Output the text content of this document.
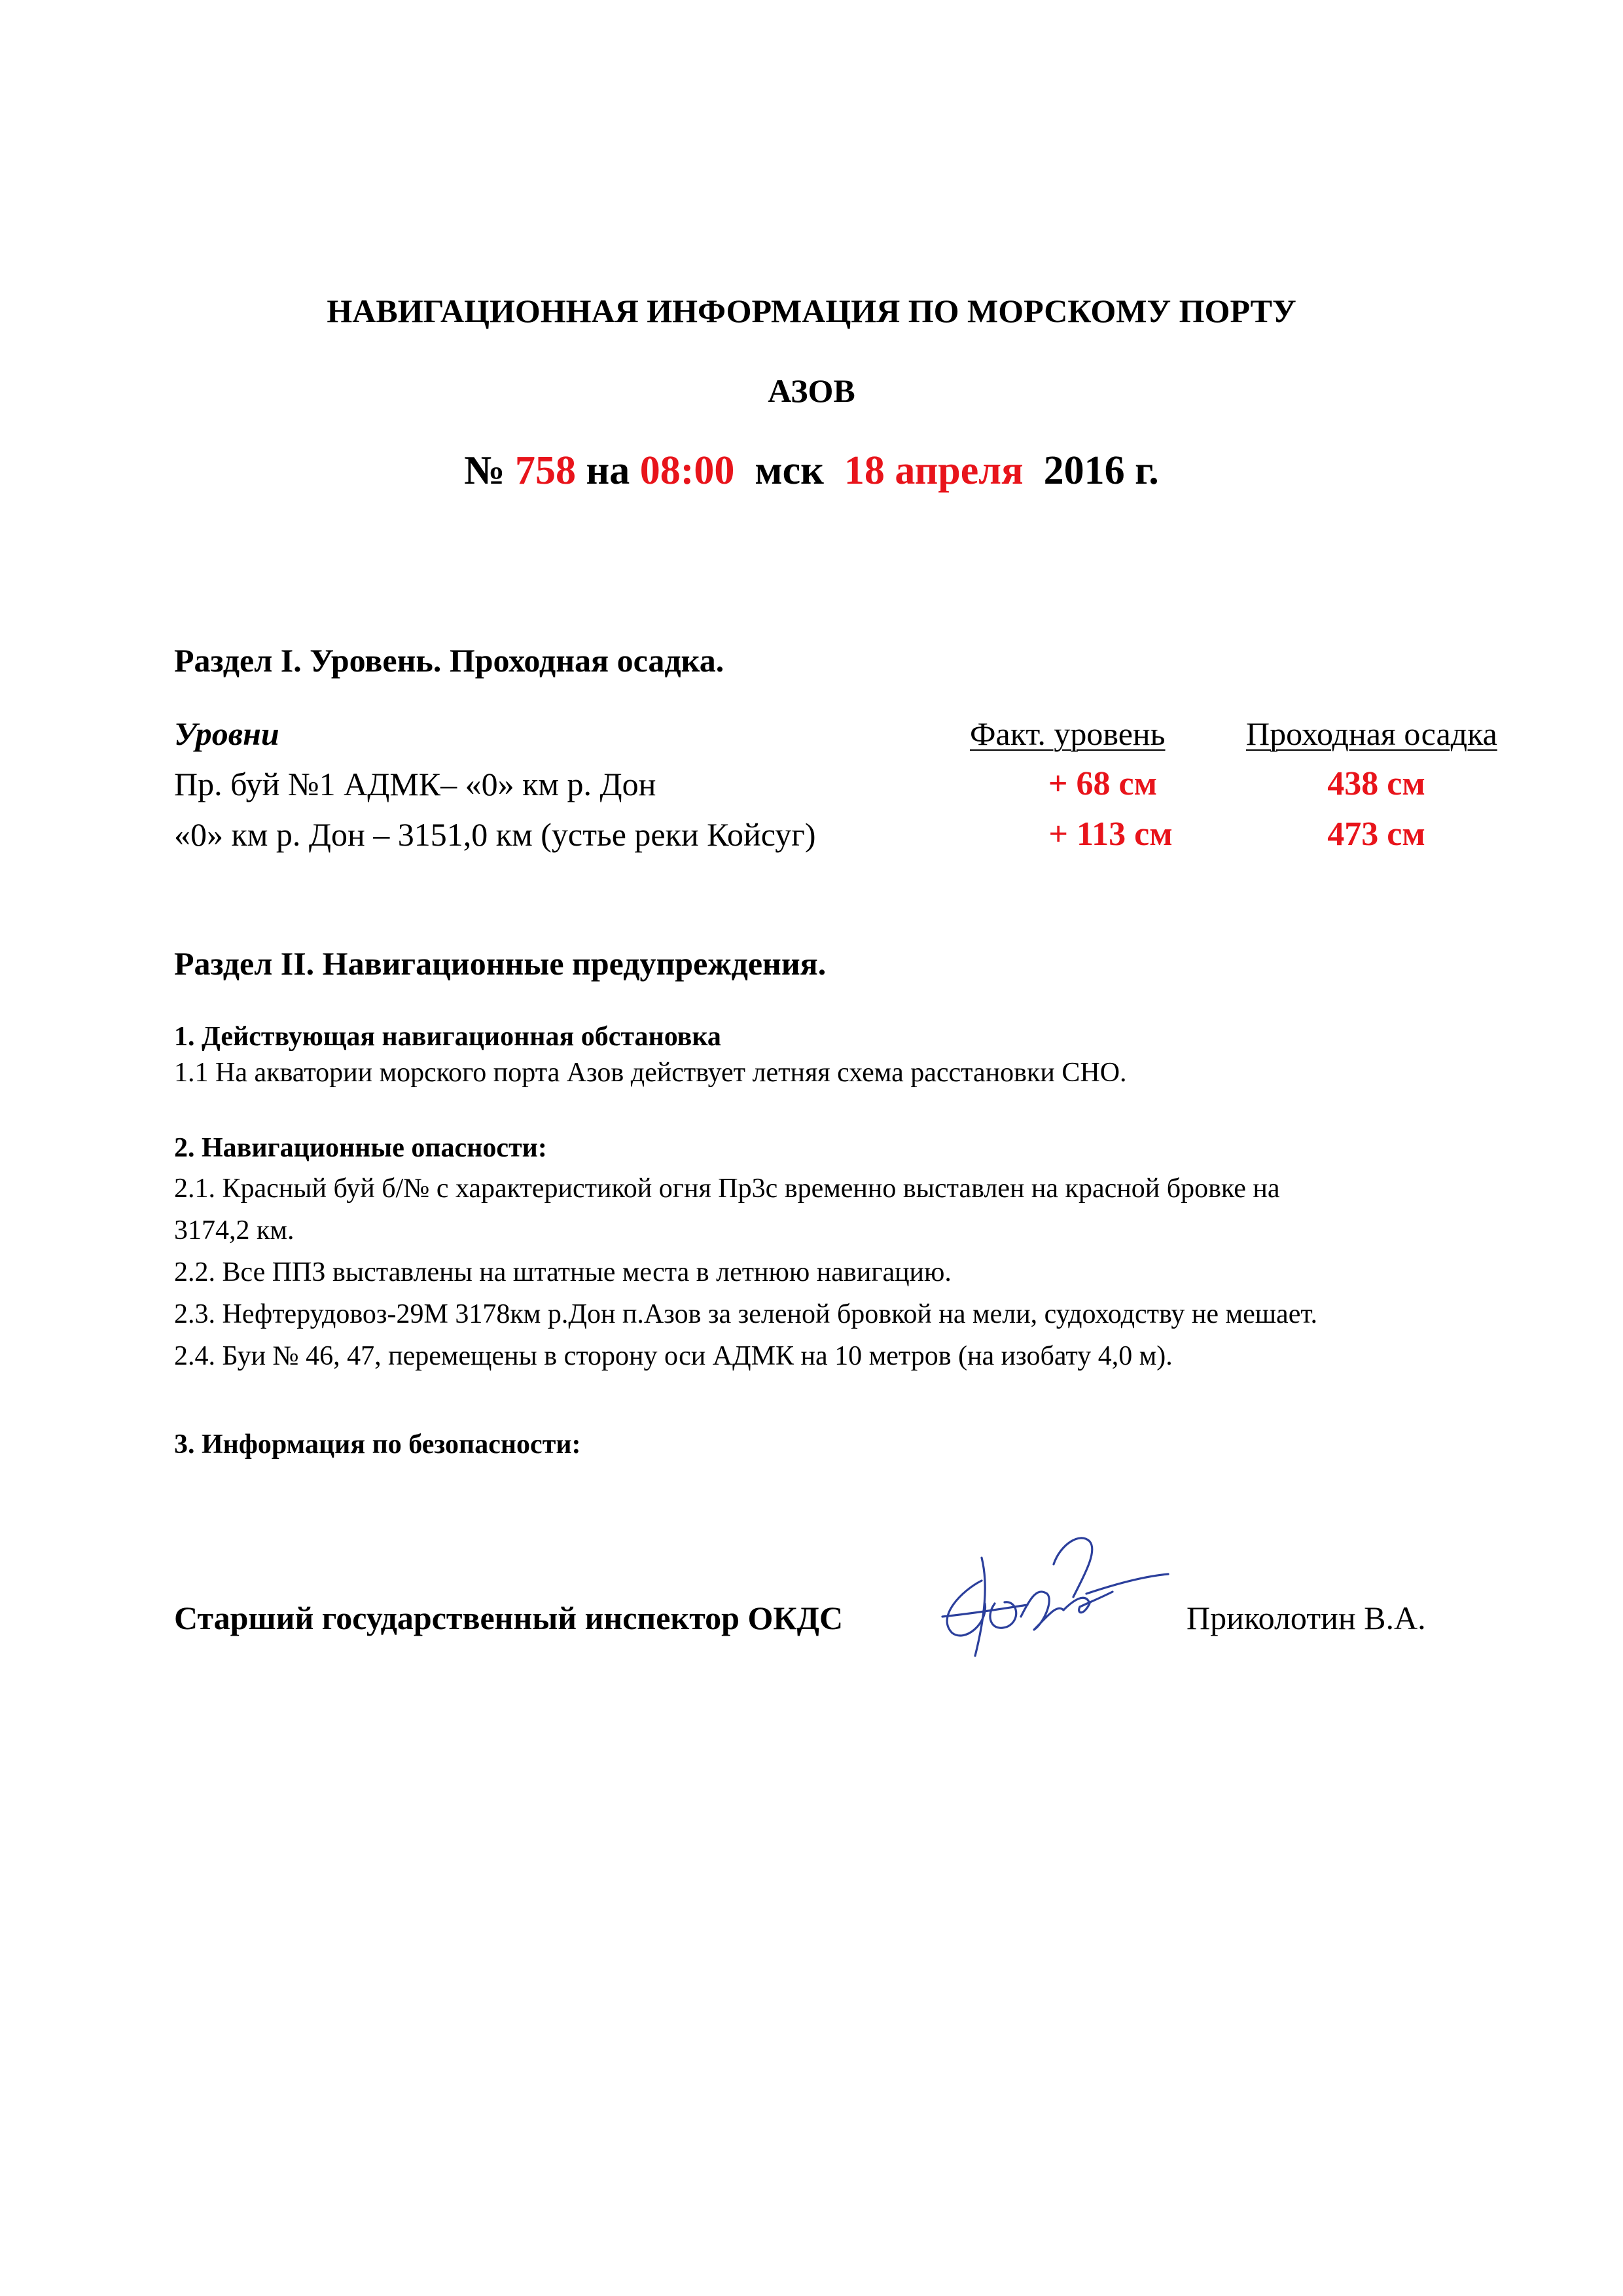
НАВИГАЦИОННАЯ ИНФОРМАЦИЯ ПО МОРСКОМУ ПОРТУ
АЗОВ
№ 758 на 08:00 мск 18 апреля 2016 г.
Раздел I. Уровень. Проходная осадка.
Уровни	Факт. уровень Проходная осадка
Пр. буй №1 АДМК– «0» км р. Дон	+ 68 см	438 см
«0» км р. Дон – 3151,0 км (устье реки Койсуг)	+ 113 см	473 см
Раздел II. Навигационные предупреждения.
1. Действующая навигационная обстановка
1.1 На акватории морского порта Азов действует летняя схема расстановки СНО.
2. Навигационные опасности:
2.1. Красный буй б/№ с характеристикой огня Пр3с временно выставлен на красной бровке на
3174,2 км.
2.2. Все ППЗ выставлены на штатные места в летнюю навигацию.
2.3. Нефтерудовоз-29М 3178км р.Дон п.Азов за зеленой бровкой на мели, судоходству не мешает.
2.4. Буи № 46, 47, перемещены в сторону оси АДМК на 10 метров (на изобату 4,0 м).
3. Информация по безопасности:
Старший государственный инспектор ОКДС	Приколотин В.А.
